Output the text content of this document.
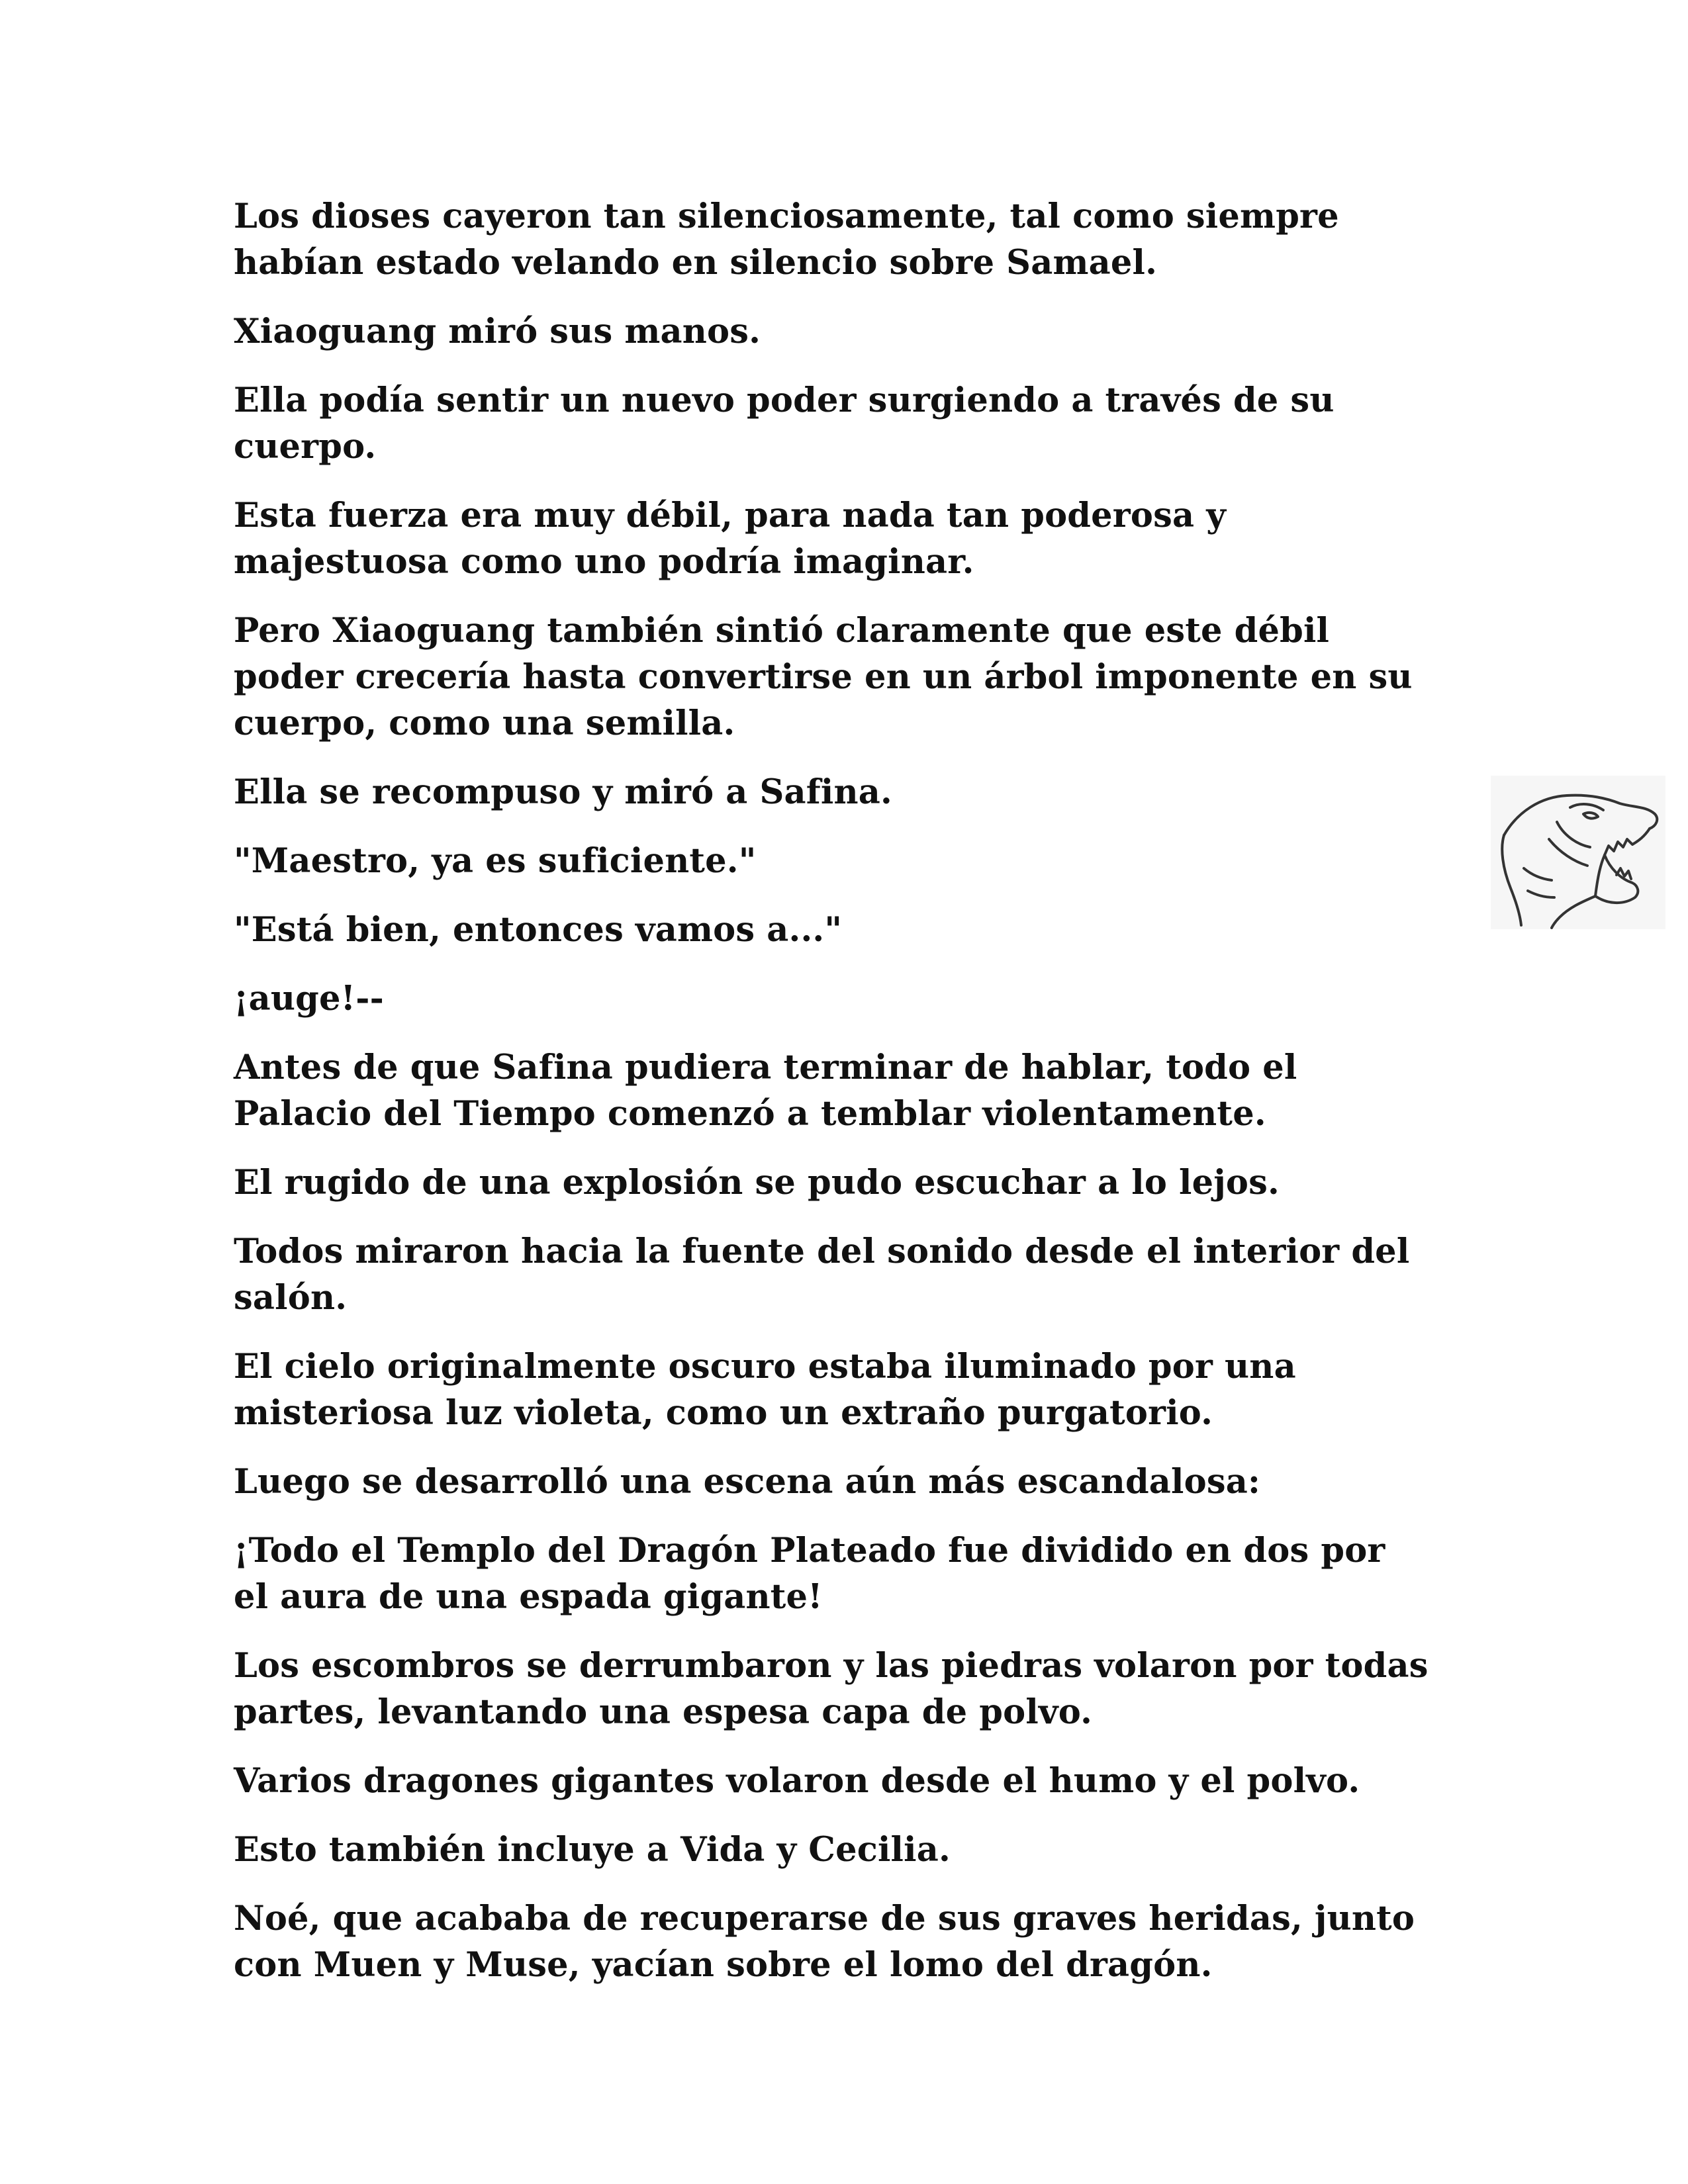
Los dioses cayeron tan silenciosamente, tal como siempre
habían estado velando en silencio sobre Samael.

Xiaoguang miró sus manos.

Ella podía sentir un nuevo poder surgiendo a través de su
cuerpo.

Esta fuerza era muy débil, para nada tan poderosa y
majestuosa como uno podría imaginar.

Pero Xiaoguang también sintió claramente que este débil
poder crecería hasta convertirse en un árbol imponente en su
cuerpo, como una semilla.

Ella se recompuso y miró a Safina.

"Maestro, ya es suficiente."

"Está bien, entonces vamos a..."

¡auge!--

Antes de que Safina pudiera terminar de hablar, todo el
Palacio del Tiempo comenzó a temblar violentamente.

El rugido de una explosión se pudo escuchar a lo lejos.

Todos miraron hacia la fuente del sonido desde el interior del
salón.

El cielo originalmente oscuro estaba iluminado por una
misteriosa luz violeta, como un extraño purgatorio.

Luego se desarrolló una escena aún más escandalosa:

¡Todo el Templo del Dragón Plateado fue dividido en dos por
el aura de una espada gigante!

Los escombros se derrumbaron y las piedras volaron por todas
partes, levantando una espesa capa de polvo.

Varios dragones gigantes volaron desde el humo y el polvo.

Esto también incluye a Vida y Cecilia.

Noé, que acababa de recuperarse de sus graves heridas, junto
con Muen y Muse, yacían sobre el lomo del dragón.
